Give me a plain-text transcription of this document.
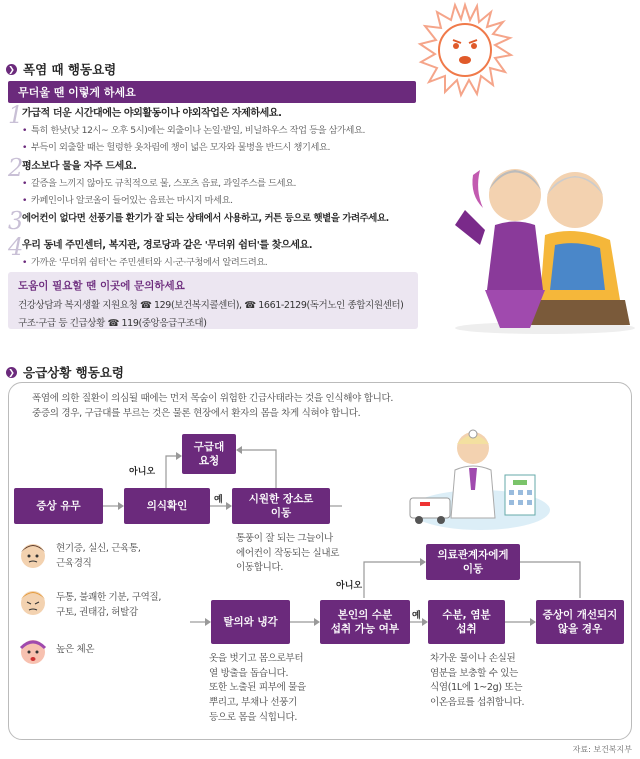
❯ 폭염 때 행동요령
무더울 땐 이렇게 하세요
1
가급적 더운 시간대에는 야외활동이나 야외작업은 자제하세요.
• 특히 한낮(낮 12시~ 오후 5시)에는 외출이나 논일·밭일, 비닐하우스 작업 등을 삼가세요.
• 부득이 외출할 때는 헐렁한 옷차림에 챙이 넓은 모자와 물병을 반드시 챙기세요.
2
평소보다 물을 자주 드세요.
• 갈증을 느끼지 않아도 규칙적으로 물, 스포츠 음료, 과일주스를 드세요.
• 카페인이나 알코올이 들어있는 음료는 마시지 마세요.
3
에어컨이 없다면 선풍기를 환기가 잘 되는 상태에서 사용하고, 커튼 등으로 햇볕을 가려주세요.
4
우리 동네 주민센터, 복지관, 경로당과 같은 '무더위 쉼터'를 찾으세요.
• 가까운 '무더위 쉼터'는 주민센터와 시·군·구청에서 알려드려요.
도움이 필요할 땐 이곳에 문의하세요
건강상담과 복지생활 지원요청 ☎ 129(보건복지콜센터), ☎ 1661-2129(독거노인 종합지원센터)
구조·구급 등 긴급상황 ☎ 119(중앙응급구조대)
❯ 응급상황 행동요령
폭염에 의한 질환이 의심될 때에는 먼저 목숨이 위험한 긴급사태라는 것을 인식해야 합니다.
중증의 경우, 구급대를 부르는 것은 물론 현장에서 환자의 몸을 차게 식혀야 합니다.
구급대
요청
증상 유무	의식확인
시원한 장소로
이동
탈의와 냉각
본인의 수분
섭취 가능 여부
의료관계자에게
이동
수분, 염분
섭취
증상이 개선되지
않을 경우
아니오
예
아니오
예
통풍이 잘 되는 그늘이나
에어컨이 작동되는 실내로
이동합니다.
옷을 벗기고 몸으로부터
열 방출을 돕습니다.
또한 노출된 피부에 물을
뿌리고, 부채나 선풍기
등으로 몸을 식힙니다.
차가운 물이나 손실된
염분을 보충할 수 있는
식염(1L에 1~2g) 또는
이온음료를 섭취합니다.
현기증, 실신, 근육통,
근육경직
두통, 불쾌한 기분, 구역질,
구토, 권태감, 허탈감
높은 체온
자료: 보건복지부
